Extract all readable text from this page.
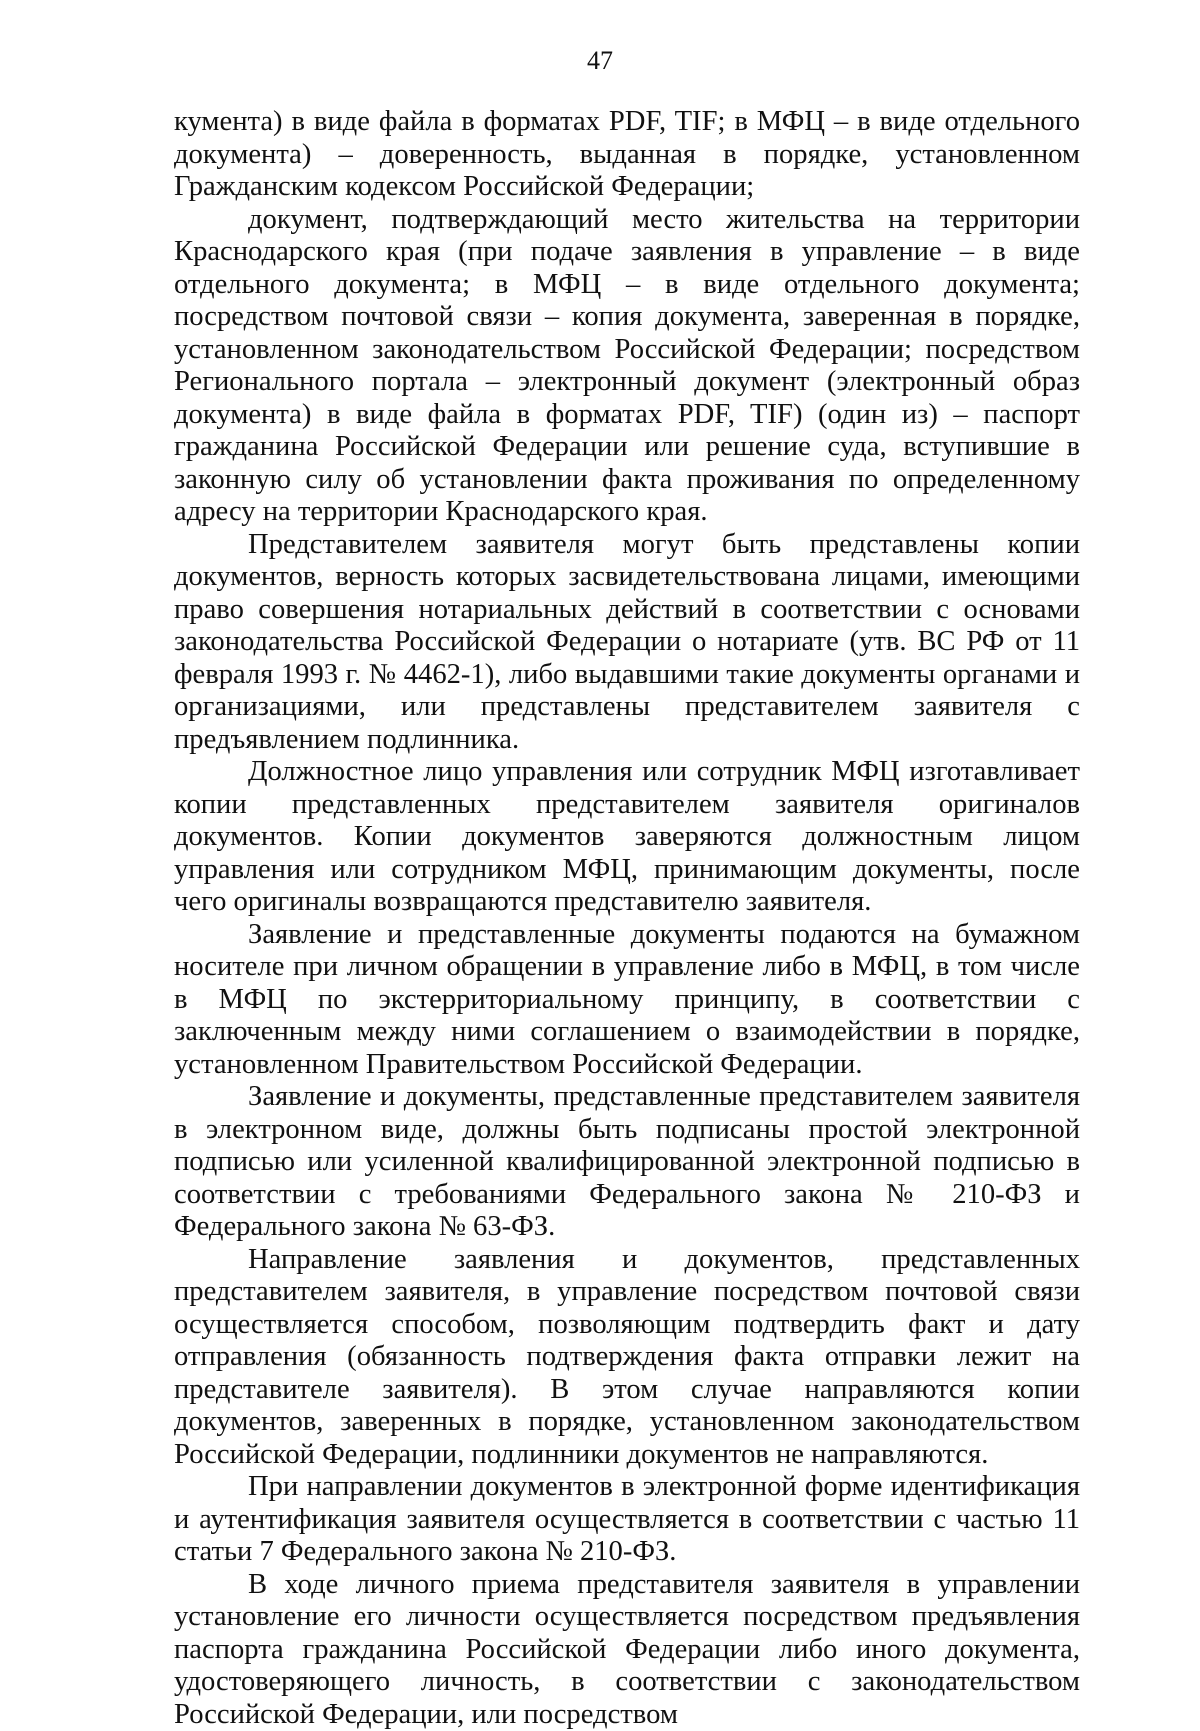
47

кумента) в виде файла в форматах PDF, TIF; в МФЦ – в виде отдельного документа) – доверенность, выданная в порядке, установленном Гражданским кодексом Российской Федерации;

документ, подтверждающий место жительства на территории Краснодарского края (при подаче заявления в управление – в виде отдельного документа; в МФЦ – в виде отдельного документа; посредством почтовой связи – копия документа, заверенная в порядке, установленном законодательством Российской Федерации; посредством Регионального портала – электронный документ (электронный образ документа) в виде файла в форматах PDF, TIF) (один из) – паспорт гражданина Российской Федерации или решение суда, вступившие в законную силу об установлении факта проживания по определенному адресу на территории Краснодарского края.

Представителем заявителя могут быть представлены копии документов, верность которых засвидетельствована лицами, имеющими право совершения нотариальных действий в соответствии с основами законодательства Российской Федерации о нотариате (утв. ВС РФ от 11 февраля 1993 г. № 4462-1), либо выдавшими такие документы органами и организациями, или представлены представителем заявителя с предъявлением подлинника.

Должностное лицо управления или сотрудник МФЦ изготавливает копии представленных представителем заявителя оригиналов документов. Копии документов заверяются должностным лицом управления или сотрудником МФЦ, принимающим документы, после чего оригиналы возвращаются представителю заявителя.

Заявление и представленные документы подаются на бумажном носителе при личном обращении в управление либо в МФЦ, в том числе в МФЦ по экстерриториальному принципу, в соответствии с заключенным между ними соглашением о взаимодействии в порядке, установленном Правительством Российской Федерации.

Заявление и документы, представленные представителем заявителя в электронном виде, должны быть подписаны простой электронной подписью или усиленной квалифицированной электронной подписью в соответствии с требованиями Федерального закона № 210-ФЗ и Федерального закона № 63-ФЗ.

Направление заявления и документов, представленных представителем заявителя, в управление посредством почтовой связи осуществляется способом, позволяющим подтвердить факт и дату отправления (обязанность подтверждения факта отправки лежит на представителе заявителя). В этом случае направляются копии документов, заверенных в порядке, установленном законодательством Российской Федерации, подлинники документов не направляются.

При направлении документов в электронной форме идентификация и аутентификация заявителя осуществляется в соответствии с частью 11 статьи 7 Федерального закона № 210-ФЗ.

В ходе личного приема представителя заявителя в управлении установление его личности осуществляется посредством предъявления паспорта гражданина Российской Федерации либо иного документа, удостоверяющего личность, в соответствии с законодательством Российской Федерации, или посредством
